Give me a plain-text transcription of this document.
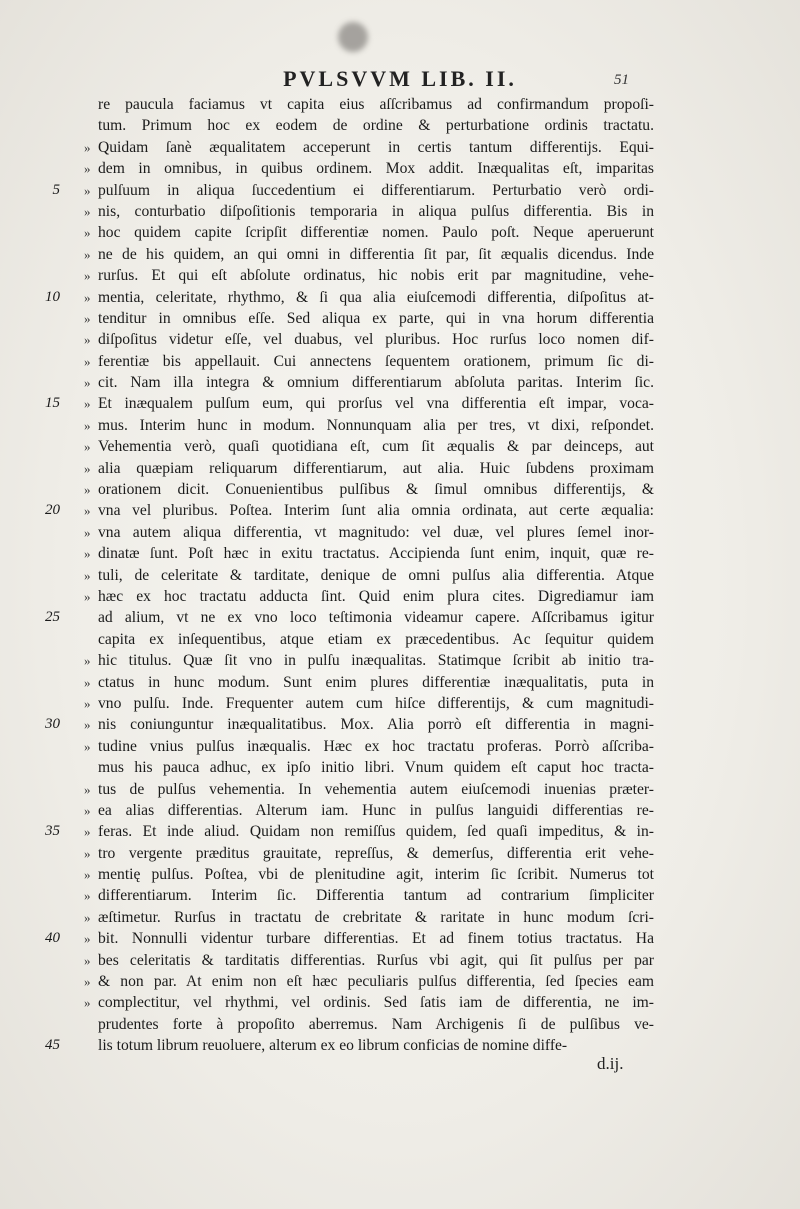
PVLSVVM LIB. II.	51
re paucula faciamus vt capita eius aſſcribamus ad confirmandum propoſi-
tum. Primum hoc ex eodem de ordine & perturbatione ordinis tractatu.
» Quidam ſanè æqualitatem acceperunt in certis tantum differentijs. Equi-
» dem in omnibus, in quibus ordinem. Mox addit. Inæqualitas eſt, imparitas
5 » pulſuum in aliqua ſuccedentium ei differentiarum. Perturbatio verò ordi-
» nis, conturbatio diſpoſitionis temporaria in aliqua pulſus differentia. Bis in
» hoc quidem capite ſcripſit differentiæ nomen. Paulo poſt. Neque aperuerunt
» ne de his quidem, an qui omni in differentia ſit par, ſit æqualis dicendus. Inde
» rurſus. Et qui eſt abſolute ordinatus, hic nobis erit par magnitudine, vehe-
10 » mentia, celeritate, rhythmo, & ſi qua alia eiuſcemodi differentia, diſpoſitus at-
» tenditur in omnibus eſſe. Sed aliqua ex parte, qui in vna horum differentia
» diſpoſitus videtur eſſe, vel duabus, vel pluribus. Hoc rurſus loco nomen dif-
» ferentiæ bis appellauit. Cui annectens ſequentem orationem, primum ſic di-
» cit. Nam illa integra & omnium differentiarum abſoluta paritas. Interim ſic.
15 » Et inæqualem pulſum eum, qui prorſus vel vna differentia eſt impar, voca-
» mus. Interim hunc in modum. Nonnunquam alia per tres, vt dixi, reſpondet.
» Vehementia verò, quaſi quotidiana eſt, cum ſit æqualis & par deinceps, aut
» alia quæpiam reliquarum differentiarum, aut alia. Huic ſubdens proximam
» orationem dicit. Conuenientibus pulſibus & ſimul omnibus differentijs, &
20 » vna vel pluribus. Poſtea. Interim ſunt alia omnia ordinata, aut certe æqualia:
» vna autem aliqua differentia, vt magnitudo: vel duæ, vel plures ſemel inor-
» dinatæ ſunt. Poſt hæc in exitu tractatus. Accipienda ſunt enim, inquit, quæ re-
» tuli, de celeritate & tarditate, denique de omni pulſus alia differentia. Atque
» hæc ex hoc tractatu adducta ſint. Quid enim plura cites. Digrediamur iam
25 ad alium, vt ne ex vno loco teſtimonia videamur capere. Aſſcribamus igitur
capita ex inſequentibus, atque etiam ex præcedentibus. Ac ſequitur quidem
» hic titulus. Quæ ſit vno in pulſu inæqualitas. Statimque ſcribit ab initio tra-
» ctatus in hunc modum. Sunt enim plures differentiæ inæqualitatis, puta in
» vno pulſu. Inde. Frequenter autem cum hiſce differentijs, & cum magnitudi-
30 » nis coniunguntur inæqualitatibus. Mox. Alia porrò eſt differentia in magni-
» tudine vnius pulſus inæqualis. Hæc ex hoc tractatu proferas. Porrò aſſcriba-
mus his pauca adhuc, ex ipſo initio libri. Vnum quidem eſt caput hoc tracta-
» tus de pulſus vehementia. In vehementia autem eiuſcemodi inuenias præter-
» ea alias differentias. Alterum iam. Hunc in pulſus languidi differentias re-
35 » feras. Et inde aliud. Quidam non remiſſus quidem, ſed quaſi impeditus, & in-
» tro vergente præditus grauitate, repreſſus, & demerſus, differentia erit vehe-
» mentię pulſus. Poſtea, vbi de plenitudine agit, interim ſic ſcribit. Numerus tot
» differentiarum. Interim ſic. Differentia tantum ad contrarium ſimpliciter
» æſtimetur. Rurſus in tractatu de crebritate & raritate in hunc modum ſcri-
40 » bit. Nonnulli videntur turbare differentias. Et ad finem totius tractatus. Ha
» bes celeritatis & tarditatis differentias. Rurſus vbi agit, qui ſit pulſus per par
» & non par. At enim non eſt hæc peculiaris pulſus differentia, ſed ſpecies eam
» complectitur, vel rhythmi, vel ordinis. Sed ſatis iam de differentia, ne im-
prudentes forte à propoſito aberremus. Nam Archigenis ſi de pulſibus ve-
45 lis totum librum reuoluere, alterum ex eo librum conficias de nomine diffe-
d.ij.
